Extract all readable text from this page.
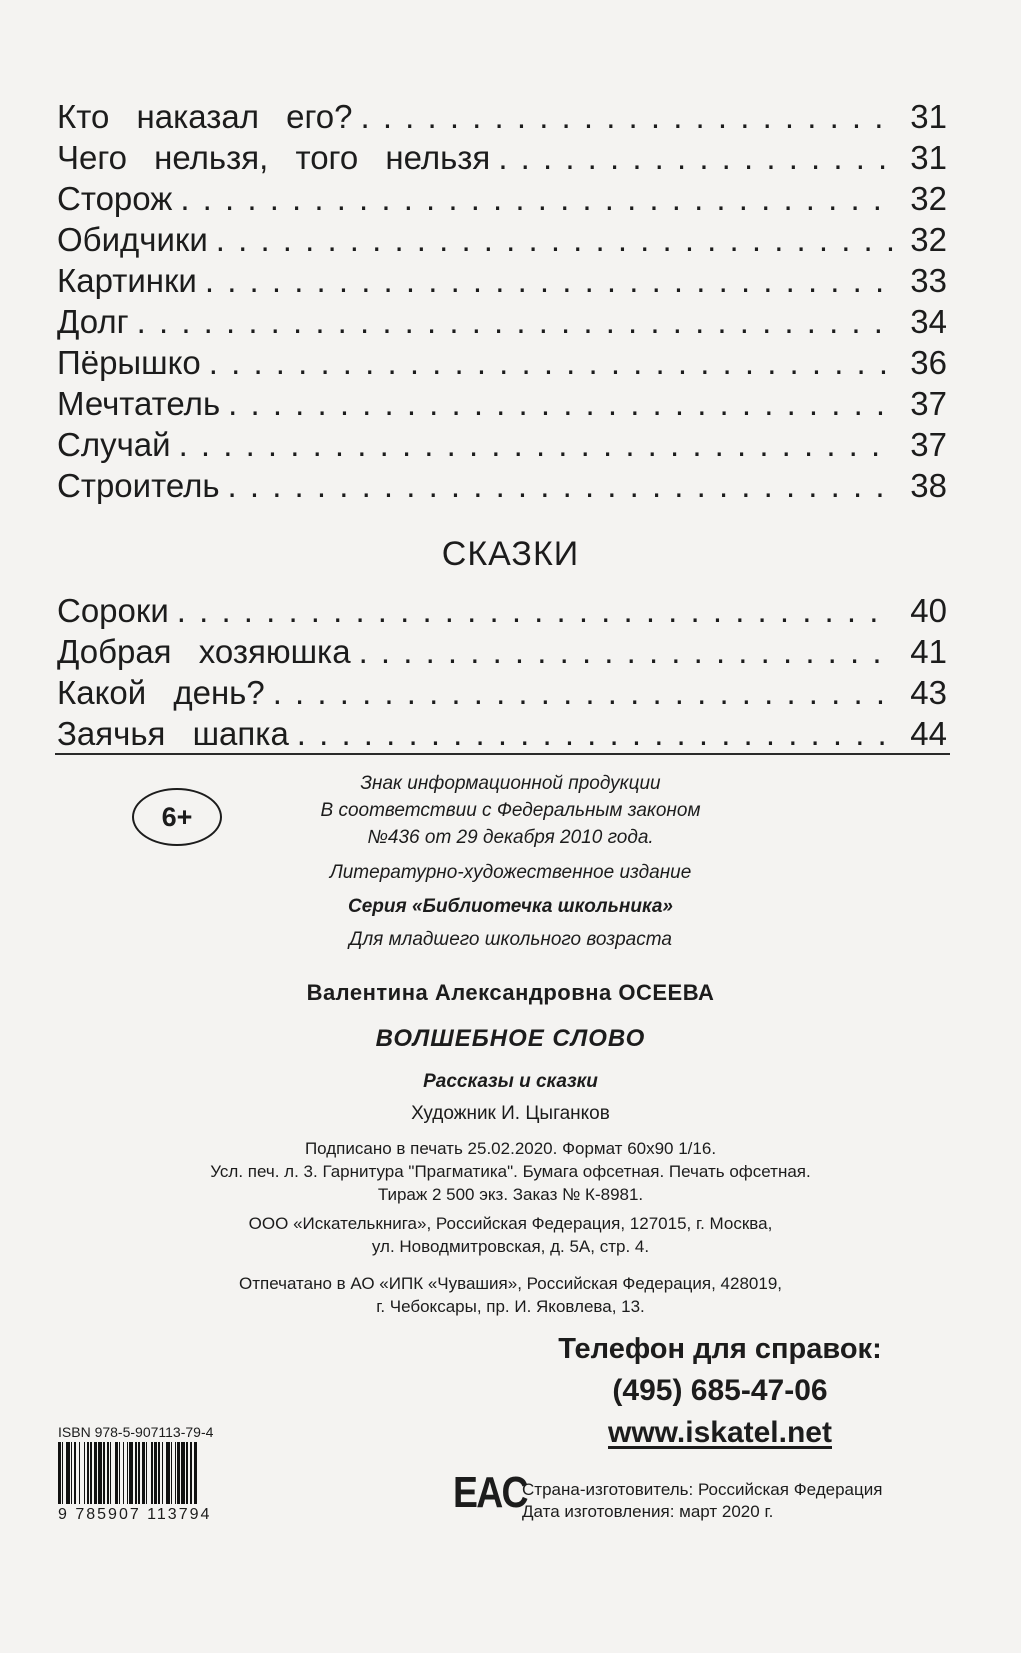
Кто наказал его? . . .	31
Чего нельзя, того нельзя . . .	31
Сторож . . .	32
Обидчики . . .	32
Картинки . . .	33
Долг . . .	34
Пёрышко . . .	36
Мечтатель . . .	37
Случай . . .	37
Строитель . . .	38
СКАЗКИ
Сороки . . .	40
Добрая хозяюшка . . .	41
Какой день? . . .	43
Заячья шапка . . .	44
6+
Знак информационной продукции
В соответствии с Федеральным законом
№436 от 29 декабря 2010 года.
Литературно-художественное издание
Серия «Библиотечка школьника»
Для младшего школьного возраста
Валентина Александровна ОСЕЕВА
ВОЛШЕБНОЕ СЛОВО
Рассказы и сказки
Художник И. Цыганков
Подписано в печать 25.02.2020. Формат 60х90 1/16.
Усл. печ. л. 3. Гарнитура "Прагматика". Бумага офсетная. Печать офсетная.
Тираж 2 500 экз. Заказ № К-8981.
ООО «Искателькнига», Российская Федерация, 127015, г. Москва,
ул. Новодмитровская, д. 5А, стр. 4.
Отпечатано в АО «ИПК «Чувашия», Российская Федерация, 428019,
г. Чебоксары, пр. И. Яковлева, 13.
Телефон для справок:
(495) 685-47-06
www.iskatel.net
ISBN 978-5-907113-79-4
9 785907 113794	EAC
Страна-изготовитель: Российская Федерация
Дата изготовления: март 2020 г.
